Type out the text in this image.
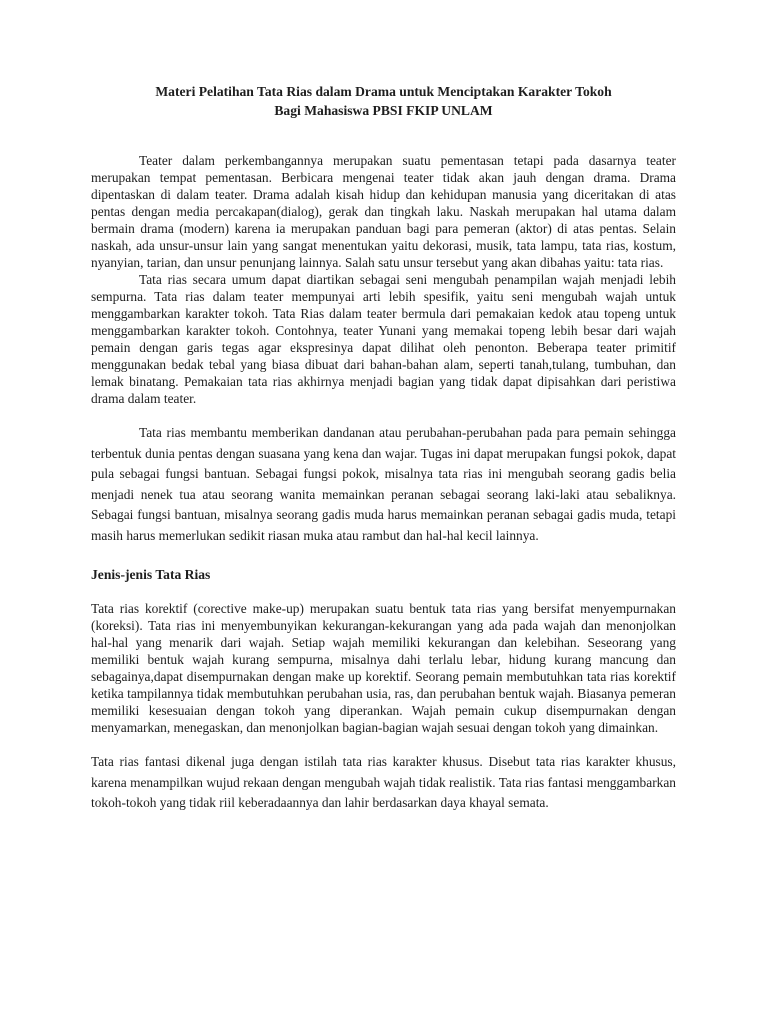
Materi Pelatihan Tata Rias dalam Drama untuk Menciptakan Karakter Tokoh
Bagi Mahasiswa PBSI FKIP UNLAM

Teater dalam perkembangannya merupakan suatu pementasan tetapi pada dasarnya teater merupakan tempat pementasan. Berbicara mengenai teater tidak akan jauh dengan drama. Drama dipentaskan di dalam teater. Drama adalah kisah hidup dan kehidupan manusia yang diceritakan di atas pentas dengan media percakapan(dialog), gerak dan tingkah laku. Naskah merupakan hal utama dalam bermain drama (modern) karena ia merupakan panduan bagi para pemeran (aktor) di atas pentas. Selain naskah, ada unsur-unsur lain yang sangat menentukan yaitu dekorasi, musik, tata lampu, tata rias, kostum, nyanyian, tarian, dan unsur penunjang lainnya. Salah satu unsur tersebut yang akan dibahas yaitu: tata rias.

Tata rias secara umum dapat diartikan sebagai seni mengubah penampilan wajah menjadi lebih sempurna. Tata rias dalam teater mempunyai arti lebih spesifik, yaitu seni mengubah wajah untuk menggambarkan karakter tokoh. Tata Rias dalam teater bermula dari pemakaian kedok atau topeng untuk menggambarkan karakter tokoh. Contohnya, teater Yunani yang memakai topeng lebih besar dari wajah pemain dengan garis tegas agar ekspresinya dapat dilihat oleh penonton. Beberapa teater primitif menggunakan bedak tebal yang biasa dibuat dari bahan-bahan alam, seperti tanah,tulang, tumbuhan, dan lemak binatang. Pemakaian tata rias akhirnya menjadi bagian yang tidak dapat dipisahkan dari peristiwa drama dalam teater.

Tata rias membantu memberikan dandanan atau perubahan-perubahan pada para pemain sehingga terbentuk dunia pentas dengan suasana yang kena dan wajar. Tugas ini dapat merupakan fungsi pokok, dapat pula sebagai fungsi bantuan. Sebagai fungsi pokok, misalnya tata rias ini mengubah seorang gadis belia menjadi nenek tua atau seorang wanita memainkan peranan sebagai seorang laki-laki atau sebaliknya. Sebagai fungsi bantuan, misalnya seorang gadis muda harus memainkan peranan sebagai gadis muda, tetapi masih harus memerlukan sedikit riasan muka atau rambut dan hal-hal kecil lainnya.

Jenis-jenis Tata Rias

Tata rias korektif (corective make-up) merupakan suatu bentuk tata rias yang bersifat menyempurnakan (koreksi). Tata rias ini menyembunyikan kekurangan-kekurangan yang ada pada wajah dan menonjolkan hal-hal yang menarik dari wajah. Setiap wajah memiliki kekurangan dan kelebihan. Seseorang yang memiliki bentuk wajah kurang sempurna, misalnya dahi terlalu lebar, hidung kurang mancung dan sebagainya,dapat disempurnakan dengan make up korektif. Seorang pemain membutuhkan tata rias korektif ketika tampilannya tidak membutuhkan perubahan usia, ras, dan perubahan bentuk wajah. Biasanya pemeran memiliki kesesuaian dengan tokoh yang diperankan. Wajah pemain cukup disempurnakan dengan menyamarkan, menegaskan, dan menonjolkan bagian-bagian wajah sesuai dengan tokoh yang dimainkan.

Tata rias fantasi dikenal juga dengan istilah tata rias karakter khusus. Disebut tata rias karakter khusus, karena menampilkan wujud rekaan dengan mengubah wajah tidak realistik. Tata rias fantasi menggambarkan tokoh-tokoh yang tidak riil keberadaannya dan lahir berdasarkan daya khayal semata.
